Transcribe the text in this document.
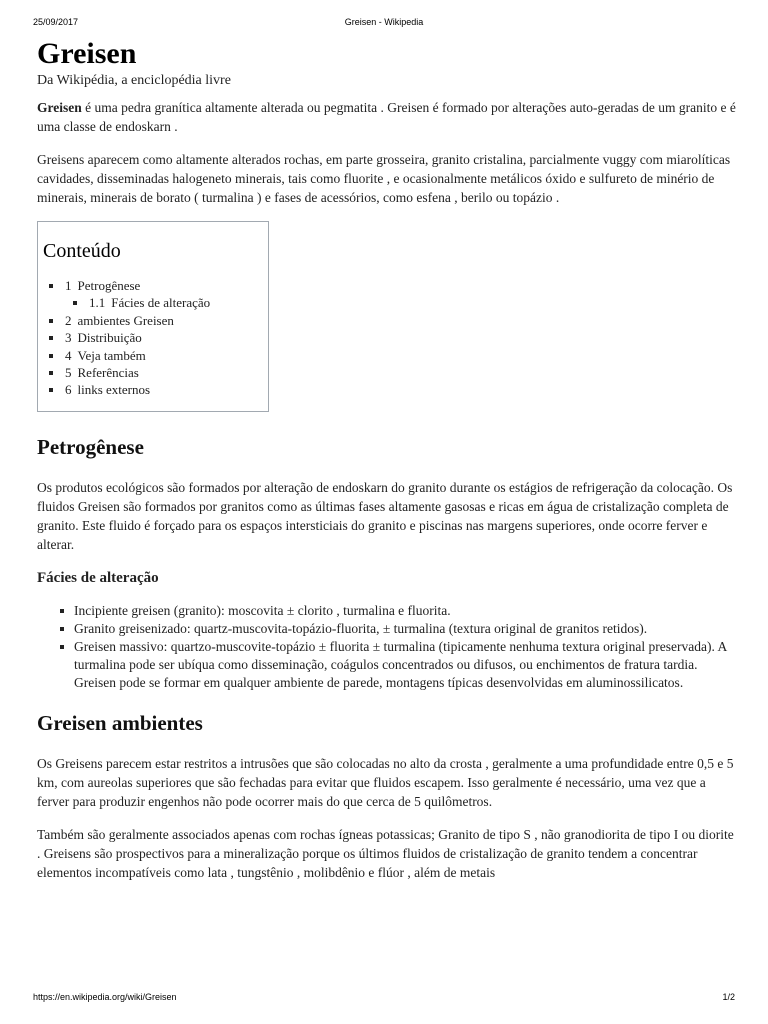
25/09/2017	Greisen - Wikipedia
Greisen
Da Wikipédia, a enciclopédia livre

Greisen é uma pedra granítica altamente alterada ou pegmatita . Greisen é formado por alterações auto-geradas de um granito e é uma classe de endoskarn .

Greisens aparecem como altamente alterados rochas, em parte grosseira, granito cristalina, parcialmente vuggy com miarolíticas cavidades, disseminadas halogeneto minerais, tais como fluorite , e ocasionalmente metálicos óxido e sulfureto de minério de minerais, minerais de borato ( turmalina ) e fases de acessórios, como esfena , berilo ou topázio .

Conteúdo
1 Petrogênese
1.1 Fácies de alteração
2 ambientes Greisen
3 Distribuição
4 Veja também
5 Referências
6 links externos
Petrogênese

Os produtos ecológicos são formados por alteração de endoskarn do granito durante os estágios de refrigeração da colocação. Os fluidos Greisen são formados por granitos como as últimas fases altamente gasosas e ricas em água de cristalização completa de granito. Este fluido é forçado para os espaços intersticiais do granito e piscinas nas margens superiores, onde ocorre ferver e alterar.

Fácies de alteração
Incipiente greisen (granito): moscovita ± clorito , turmalina e fluorita.
Granito greisenizado: quartz-muscovita-topázio-fluorita, ± turmalina (textura original de granitos retidos).
Greisen massivo: quartzo-muscovite-topázio ± fluorita ± turmalina (tipicamente nenhuma textura original preservada). A turmalina pode ser ubíqua como disseminação, coágulos concentrados ou difusos, ou enchimentos de fratura tardia. Greisen pode se formar em qualquer ambiente de parede, montagens típicas desenvolvidas em aluminossilicatos.
Greisen ambientes

Os Greisens parecem estar restritos a intrusões que são colocadas no alto da crosta , geralmente a uma profundidade entre 0,5 e 5 km, com aureolas superiores que são fechadas para evitar que fluidos escapem. Isso geralmente é necessário, uma vez que a ferver para produzir engenhos não pode ocorrer mais do que cerca de 5 quilômetros.

Também são geralmente associados apenas com rochas ígneas potassicas; Granito de tipo S , não granodiorita de tipo I ou diorite . Greisens são prospectivos para a mineralização porque os últimos fluidos de cristalização de granito tendem a concentrar elementos incompatíveis como lata , tungstênio , molibdênio e flúor , além de metais

https://en.wikipedia.org/wiki/Greisen	1/2
